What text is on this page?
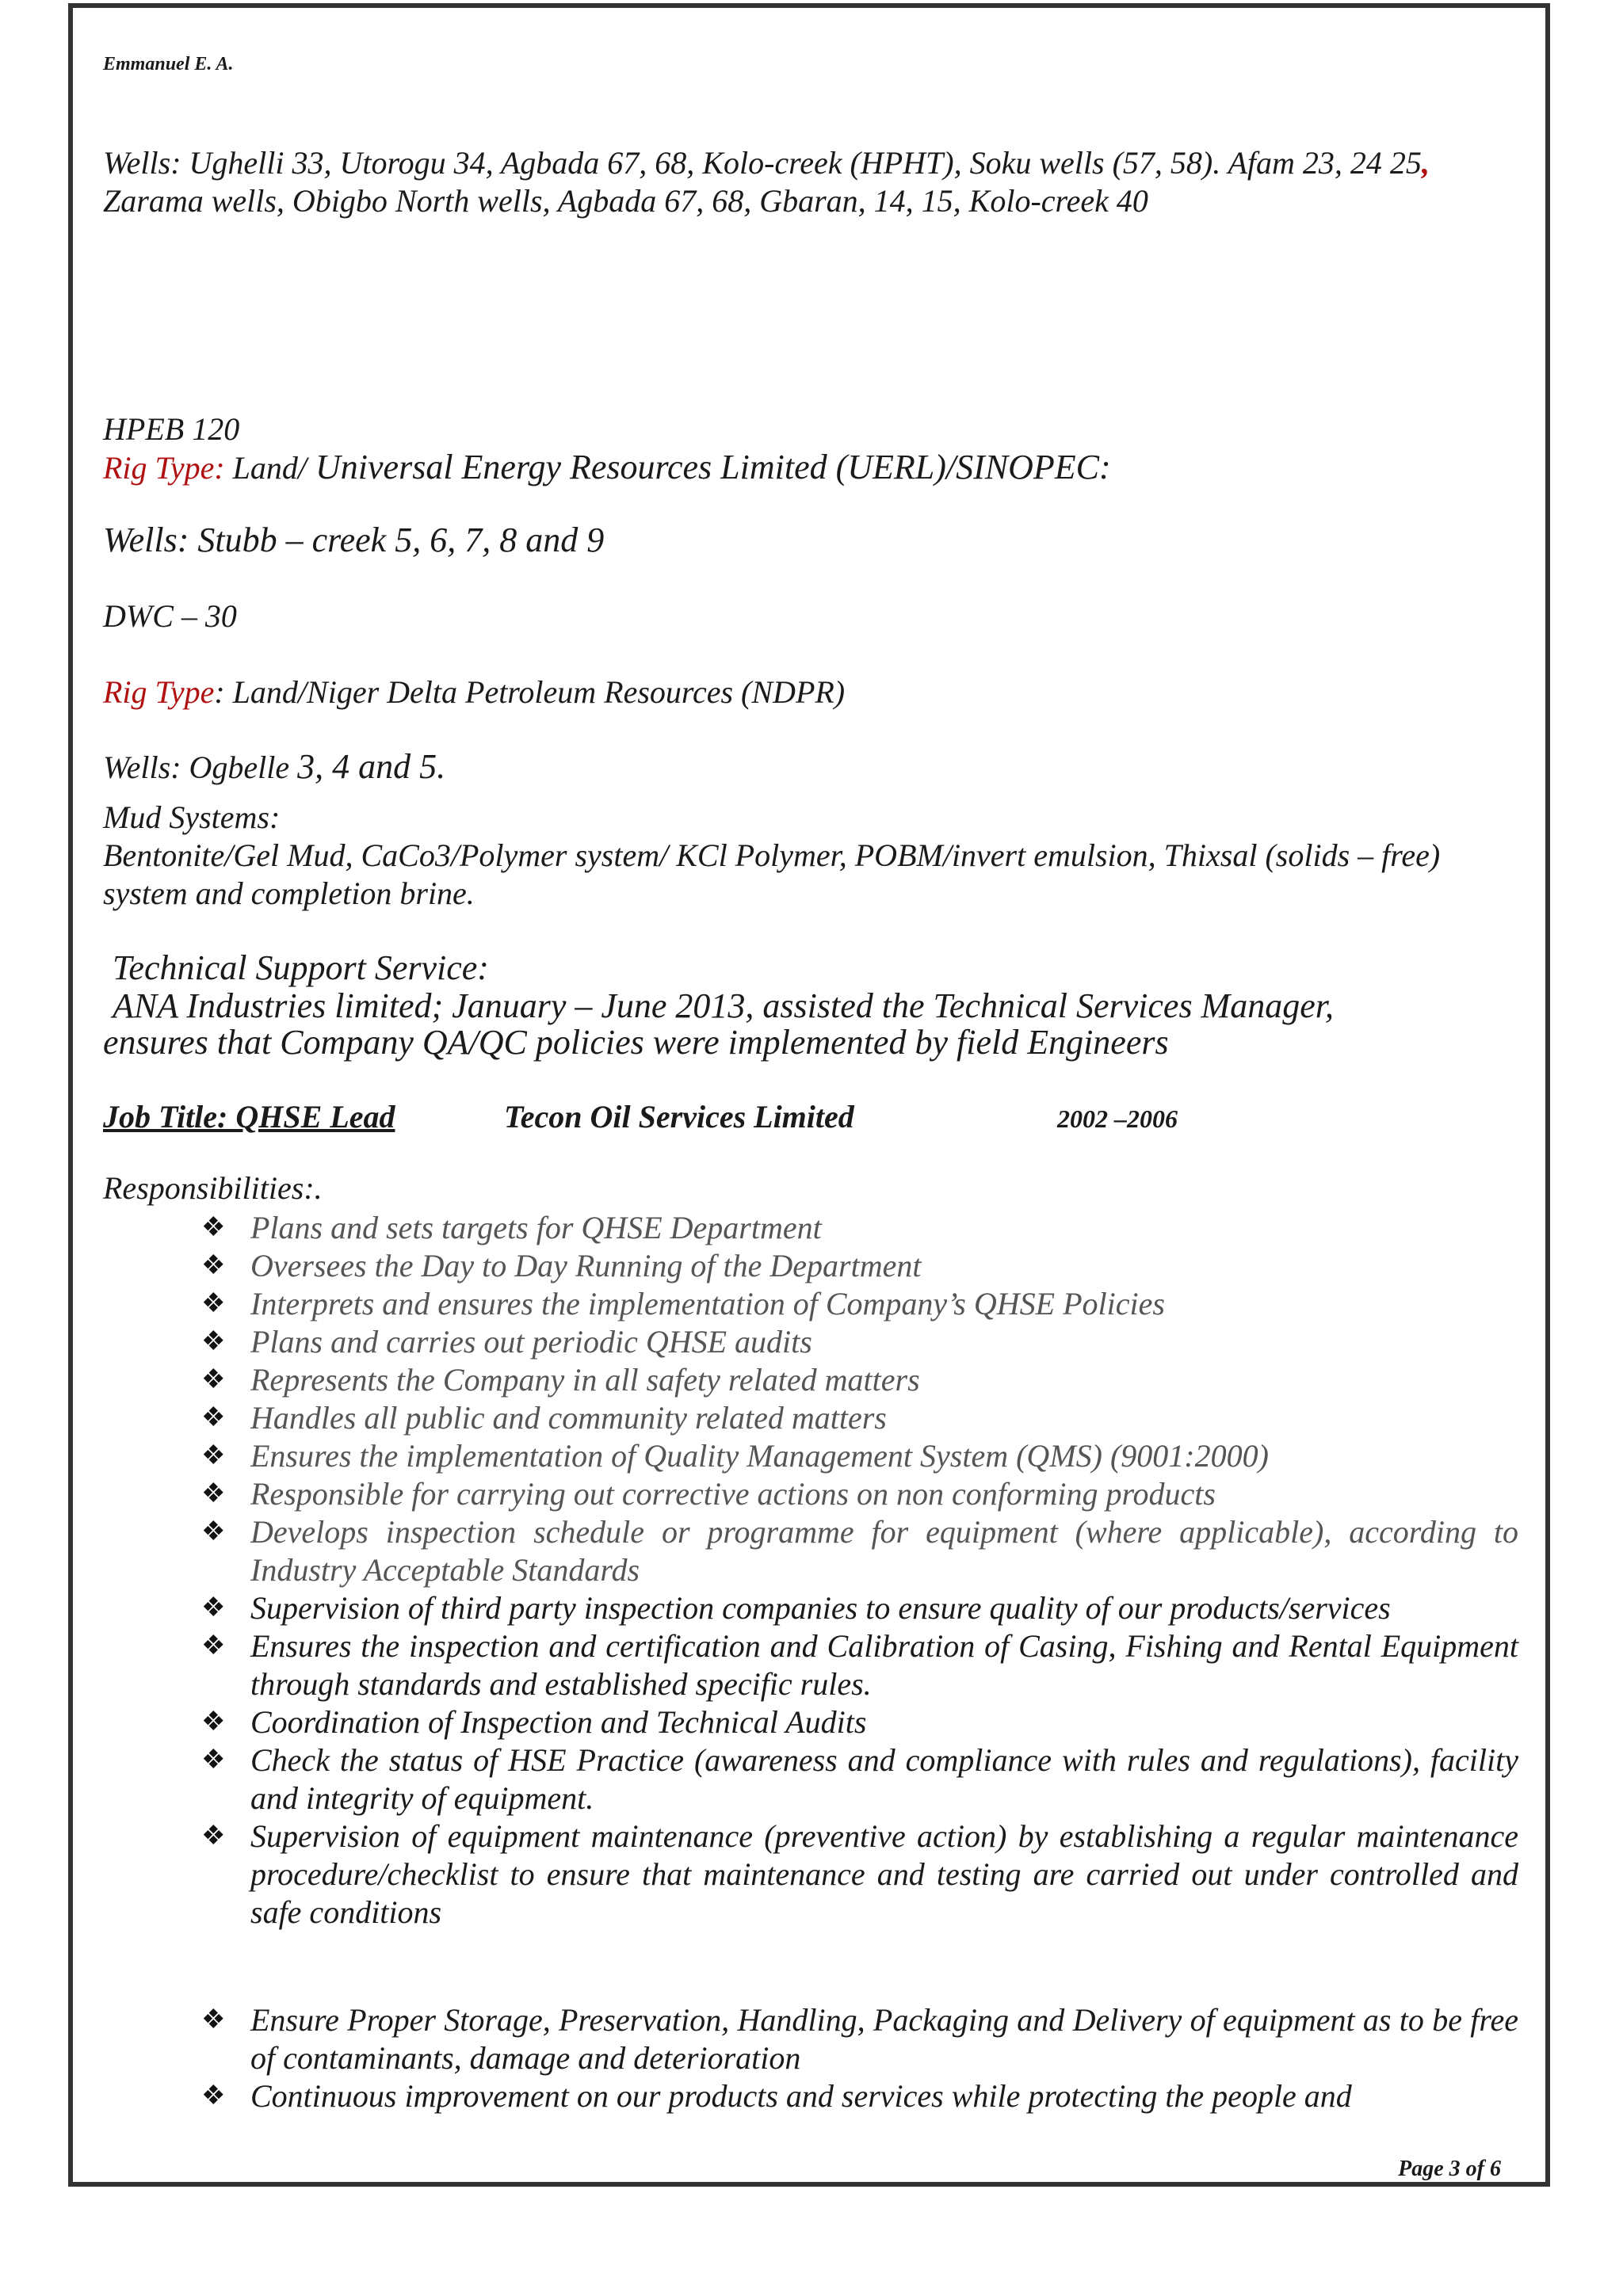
Emmanuel E. A.
Wells: Ughelli 33, Utorogu 34, Agbada 67, 68, Kolo-creek (HPHT), Soku wells (57, 58). Afam 23, 24 25,
Zarama wells, Obigbo North wells, Agbada 67, 68, Gbaran, 14, 15, Kolo-creek 40
HPEB 120
Rig Type: Land/ Universal Energy Resources Limited (UERL)/SINOPEC:
Wells: Stubb – creek 5, 6, 7, 8 and 9
DWC – 30
Rig Type: Land/Niger Delta Petroleum Resources (NDPR)
Wells: Ogbelle 3, 4 and 5.
Mud Systems:
Bentonite/Gel Mud, CaCo3/Polymer system/ KCl Polymer, POBM/invert emulsion, Thixsal (solids – free)
system and completion brine.
Technical Support Service:
ANA Industries limited; January – June 2013, assisted the Technical Services Manager,
ensures that Company QA/QC policies were implemented by field Engineers
Job Title: QHSE Lead	Tecon Oil Services Limited	2002 –2006
Responsibilities:.
❖ Plans and sets targets for QHSE Department
❖ Oversees the Day to Day Running of the Department
❖ Interprets and ensures the implementation of Company’s QHSE Policies
❖ Plans and carries out periodic QHSE audits
❖ Represents the Company in all safety related matters
❖ Handles all public and community related matters
❖ Ensures the implementation of Quality Management System (QMS) (9001:2000)
❖ Responsible for carrying out corrective actions on non conforming products
❖ Develops inspection schedule or programme for equipment (where applicable), according to Industry Acceptable Standards
❖ Supervision of third party inspection companies to ensure quality of our products/services
❖ Ensures the inspection and certification and Calibration of Casing, Fishing and Rental Equipment through standards and established specific rules.
❖ Coordination of Inspection and Technical Audits
❖ Check the status of HSE Practice (awareness and compliance with rules and regulations), facility and integrity of equipment.
❖ Supervision of equipment maintenance (preventive action) by establishing a regular maintenance procedure/checklist to ensure that maintenance and testing are carried out under controlled and safe conditions
❖ Ensure Proper Storage, Preservation, Handling, Packaging and Delivery of equipment as to be free of contaminants, damage and deterioration
❖ Continuous improvement on our products and services while protecting the people and
Page 3 of 6
